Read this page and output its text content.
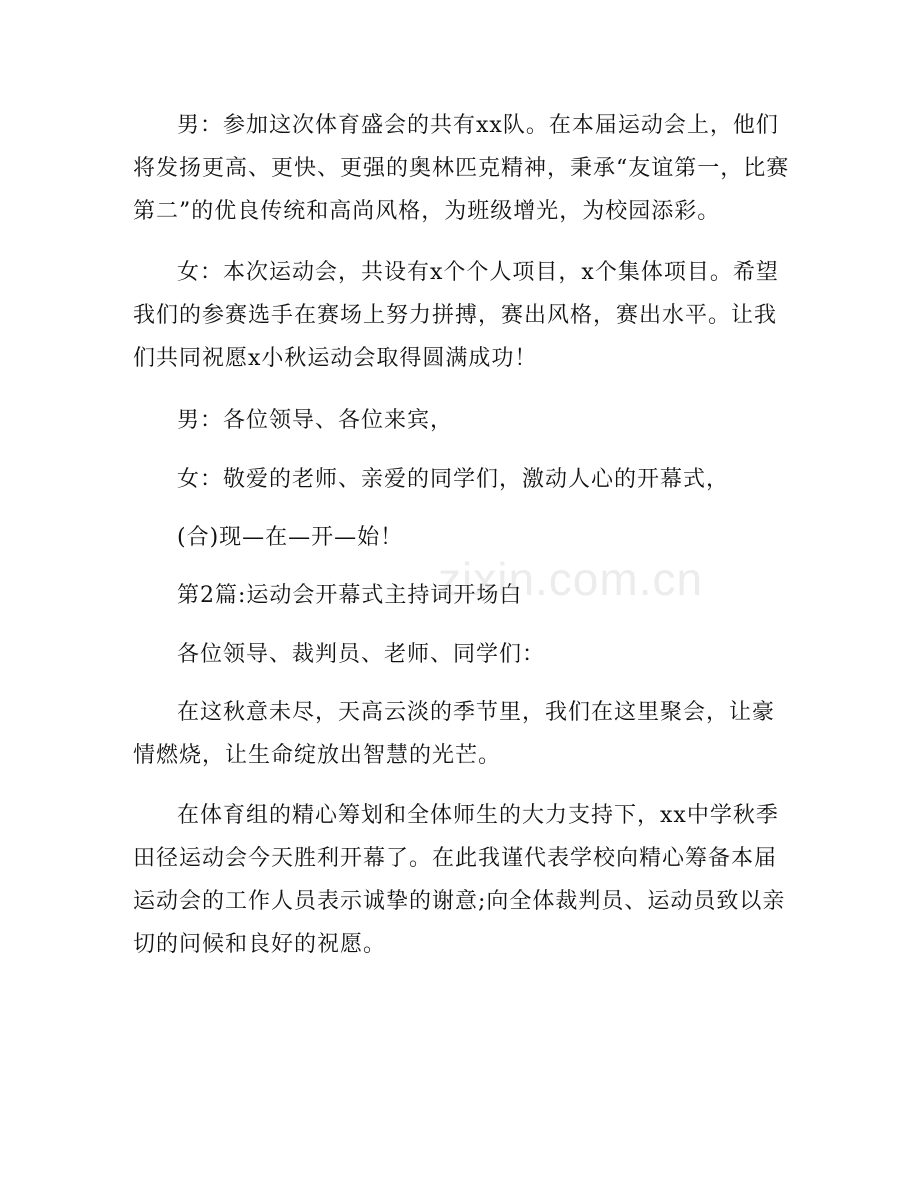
男：参加这次体育盛会的共有xx队。在本届运动会上，他们将发扬更高、更快、更强的奥林匹克精神，秉承“友谊第一，比赛第二”的优良传统和高尚风格，为班级增光，为校园添彩。

女：本次运动会，共设有x个个人项目，x个集体项目。希望我们的参赛选手在赛场上努力拼搏，赛出风格，赛出水平。让我们共同祝愿x小秋运动会取得圆满成功！

男：各位领导、各位来宾，

女：敬爱的老师、亲爱的同学们，激动人心的开幕式，

(合)现—在—开—始！

第2篇:运动会开幕式主持词开场白

各位领导、裁判员、老师、同学们：

在这秋意未尽，天高云淡的季节里，我们在这里聚会，让豪情燃烧，让生命绽放出智慧的光芒。

在体育组的精心筹划和全体师生的大力支持下，xx中学秋季田径运动会今天胜利开幕了。在此我谨代表学校向精心筹备本届运动会的工作人员表示诚挚的谢意;向全体裁判员、运动员致以亲切的问候和良好的祝愿。

zixin.com.cn
